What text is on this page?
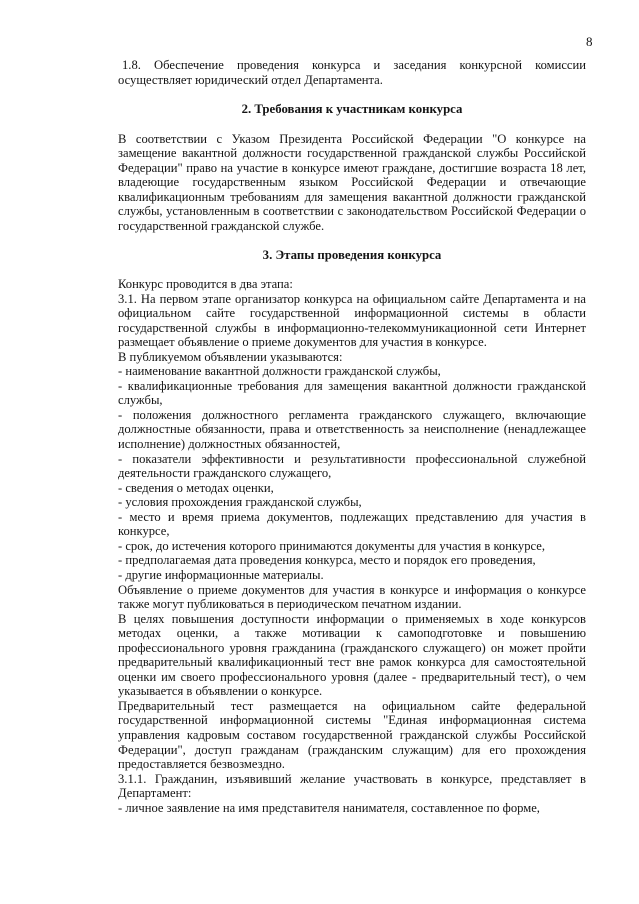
8

1.8. Обеспечение проведения конкурса и заседания конкурсной комиссии осуществляет юридический отдел Департамента.

2. Требования к участникам конкурса

В соответствии с Указом Президента Российской Федерации "О конкурсе на замещение вакантной должности государственной гражданской службы Российской Федерации" право на участие в конкурсе имеют граждане, достигшие возраста 18 лет, владеющие государственным языком Российской Федерации и отвечающие квалификационным требованиям для замещения вакантной должности гражданской службы, установленным в соответствии с законодательством Российской Федерации о государственной гражданской службе.

3. Этапы проведения конкурса

Конкурс проводится в два этапа:

3.1. На первом этапе организатор конкурса на официальном сайте Департамента и на официальном сайте государственной информационной системы в области государственной службы в информационно-телекоммуникационной сети Интернет размещает объявление о приеме документов для участия в конкурсе.

В публикуемом объявлении указываются:

- наименование вакантной должности гражданской службы,

- квалификационные требования для замещения вакантной должности гражданской службы,

- положения должностного регламента гражданского служащего, включающие должностные обязанности, права и ответственность за неисполнение (ненадлежащее исполнение) должностных обязанностей,

- показатели эффективности и результативности профессиональной служебной деятельности гражданского служащего,

- сведения о методах оценки,

- условия прохождения гражданской службы,

- место и время приема документов, подлежащих представлению для участия в конкурсе,

- срок, до истечения которого принимаются документы для участия в конкурсе,

- предполагаемая дата проведения конкурса, место и порядок его проведения,

- другие информационные материалы.

Объявление о приеме документов для участия в конкурсе и информация о конкурсе также могут публиковаться в периодическом печатном издании.

В целях повышения доступности информации о применяемых в ходе конкурсов методах оценки, а также мотивации к самоподготовке и повышению профессионального уровня гражданина (гражданского служащего) он может пройти предварительный квалификационный тест вне рамок конкурса для самостоятельной оценки им своего профессионального уровня (далее - предварительный тест), о чем указывается в объявлении о конкурсе.

Предварительный тест размещается на официальном сайте федеральной государственной информационной системы "Единая информационная система управления кадровым составом государственной гражданской службы Российской Федерации", доступ гражданам (гражданским служащим) для его прохождения предоставляется безвозмездно.

3.1.1. Гражданин, изъявивший желание участвовать в конкурсе, представляет в Департамент:

- личное заявление на имя представителя нанимателя, составленное по форме,
